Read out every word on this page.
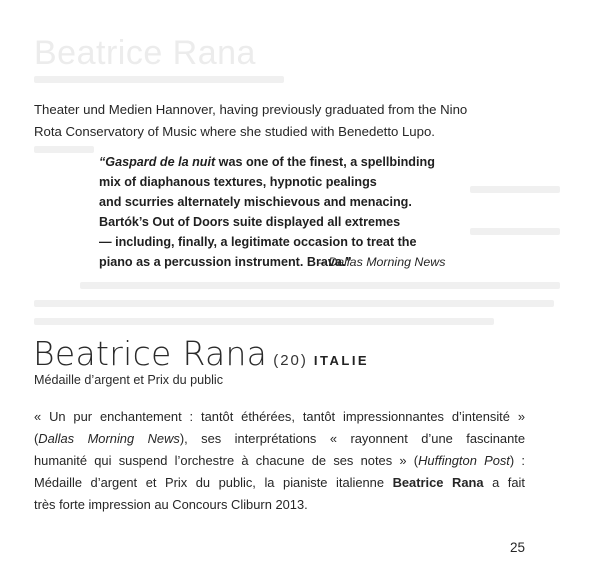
Beatrice Rana
Theater und Medien Hannover, having previously graduated from the Nino
Rota Conservatory of Music where she studied with Benedetto Lupo.
“Gaspard de la nuit was one of the finest, a spellbinding
mix of diaphanous textures, hypnotic pealings
and scurries alternately mischievous and menacing.
Bartók’s Out of Doors suite displayed all extremes
— including, finally, a legitimate occasion to treat the
piano as a percussion instrument. Brava.”
– Dallas Morning News
Beatrice Rana (20) ITALIE
Médaille d’argent et Prix du public
« Un pur enchantement : tantôt éthérées, tantôt impressionnantes d’intensité »
(Dallas Morning News), ses interprétations « rayonnent d’une fascinante
humanité qui suspend l’orchestre à chacune de ses notes » (Huffington Post) :
Médaille d’argent et Prix du public, la pianiste italienne Beatrice Rana a fait
très forte impression au Concours Cliburn 2013.
25
